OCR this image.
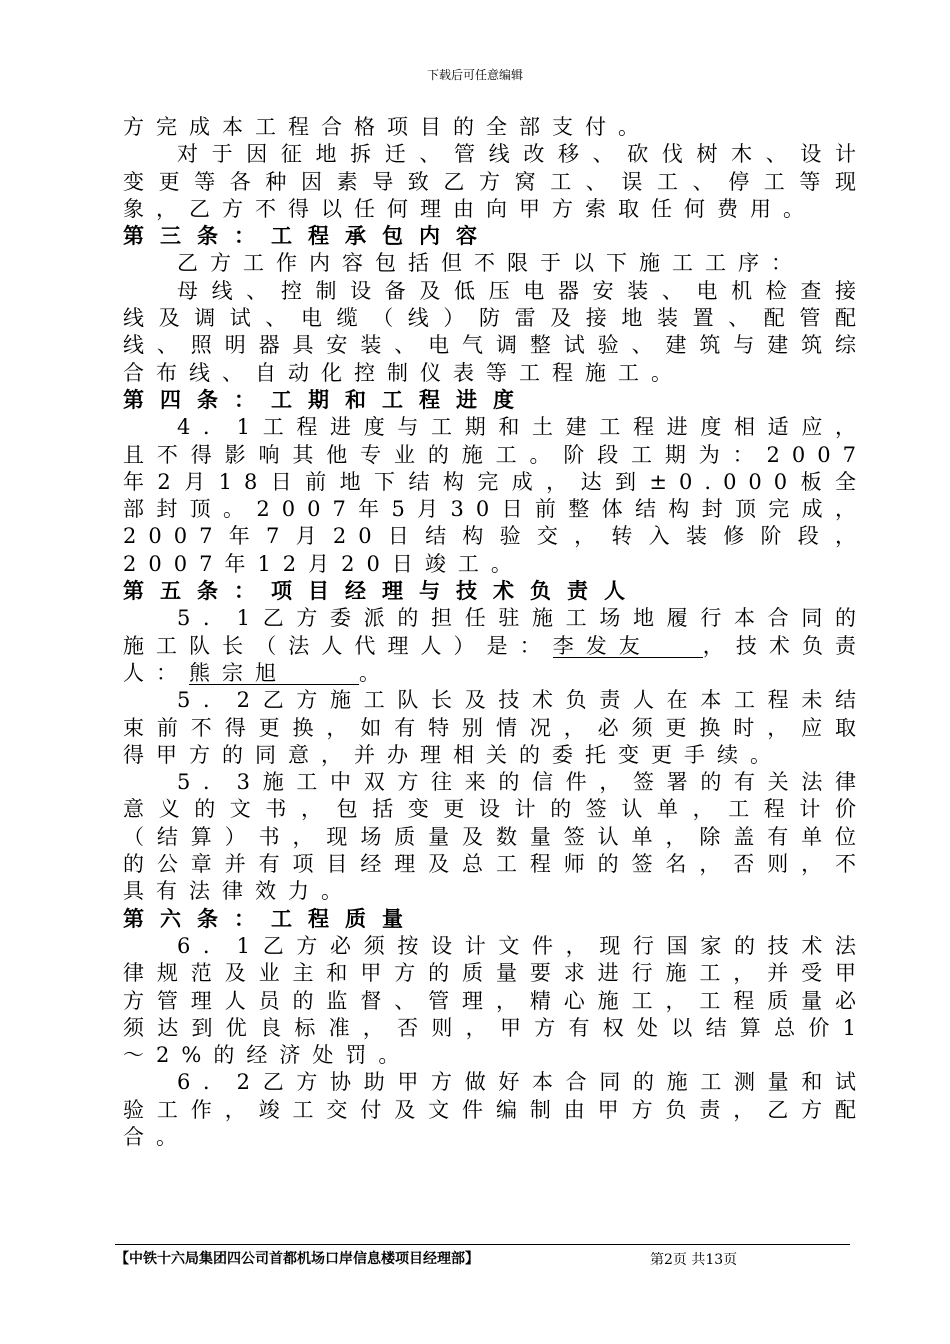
下载后可任意编辑

方完成本工程合格项目的全部支付。

对于因征地拆迁、管线改移、砍伐树木、设计变更等各种因素导致乙方窝工、误工、停工等现象，乙方不得以任何理由向甲方索取任何费用。

第三条：工程承包内容

乙方工作内容包括但不限于以下施工工序：

母线、控制设备及低压电器安装、电机检查接线及调试、电缆（线）防雷及接地装置、配管配线、照明器具安装、电气调整试验、建筑与建筑综合布线、自动化控制仪表等工程施工。

第四条：工期和工程进度

4．1工程进度与工期和土建工程进度相适应，且不得影响其他专业的施工。阶段工期为：2007年2月18日前地下结构完成，达到±0.000板全部封顶。2007年5月30日前整体结构封顶完成，2007年7月20日结构验交，转入装修阶段，2007年12月20日竣工。

第五条：项目经理与技术负责人

5．1乙方委派的担任驻施工场地履行本合同的施工队长（法人代理人）是：李发友 ，技术负责人：熊宗旭	。

5．2乙方施工队长及技术负责人在本工程未结束前不得更换，如有特别情况，必须更换时，应取得甲方的同意，并办理相关的委托变更手续。

5．3施工中双方往来的信件，签署的有关法律意义的文书，包括变更设计的签认单，工程计价（结算）书，现场质量及数量签认单，除盖有单位的公章并有项目经理及总工程师的签名，否则，不具有法律效力。

第六条：工程质量

6．1乙方必须按设计文件，现行国家的技术法律规范及业主和甲方的质量要求进行施工，并受甲方管理人员的监督、管理，精心施工，工程质量必须达到优良标准，否则，甲方有权处以结算总价1～2%的经济处罚。

6．2乙方协助甲方做好本合同的施工测量和试验工作，竣工交付及文件编制由甲方负责，乙方配合。

【中铁十六局集团四公司首都机场口岸信息楼项目经理部】	第2页 共13页
